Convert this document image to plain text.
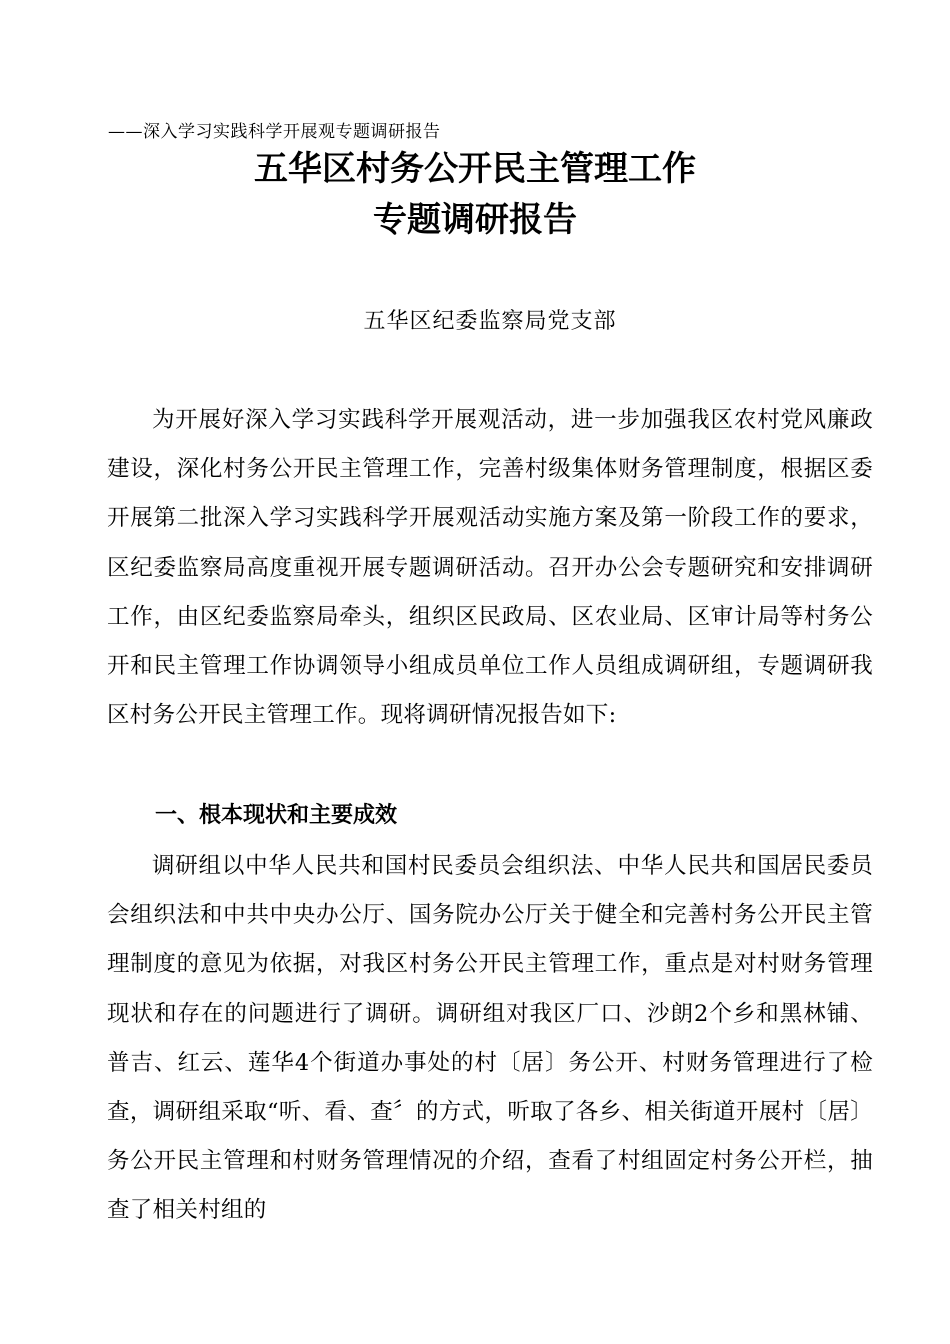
——深入学习实践科学开展观专题调研报告
五华区村务公开民主管理工作
专题调研报告
五华区纪委监察局党支部

为开展好深入学习实践科学开展观活动，进一步加强我区农村党风廉政建设，深化村务公开民主管理工作，完善村级集体财务管理制度，根据区委开展第二批深入学习实践科学开展观活动实施方案及第一阶段工作的要求，区纪委监察局高度重视开展专题调研活动。召开办公会专题研究和安排调研工作，由区纪委监察局牵头，组织区民政局、区农业局、区审计局等村务公开和民主管理工作协调领导小组成员单位工作人员组成调研组，专题调研我区村务公开民主管理工作。现将调研情况报告如下:

一、根本现状和主要成效

调研组以中华人民共和国村民委员会组织法、中华人民共和国居民委员会组织法和中共中央办公厅、国务院办公厅关于健全和完善村务公开民主管理制度的意见为依据，对我区村务公开民主管理工作，重点是对村财务管理现状和存在的问题进行了调研。调研组对我区厂口、沙朗2个乡和黑林铺、普吉、红云、莲华4个街道办事处的村〔居〕务公开、村财务管理进行了检查，调研组采取“听、看、查〞的方式，听取了各乡、相关街道开展村〔居〕务公开民主管理和村财务管理情况的介绍，查看了村组固定村务公开栏，抽查了相关村组的
